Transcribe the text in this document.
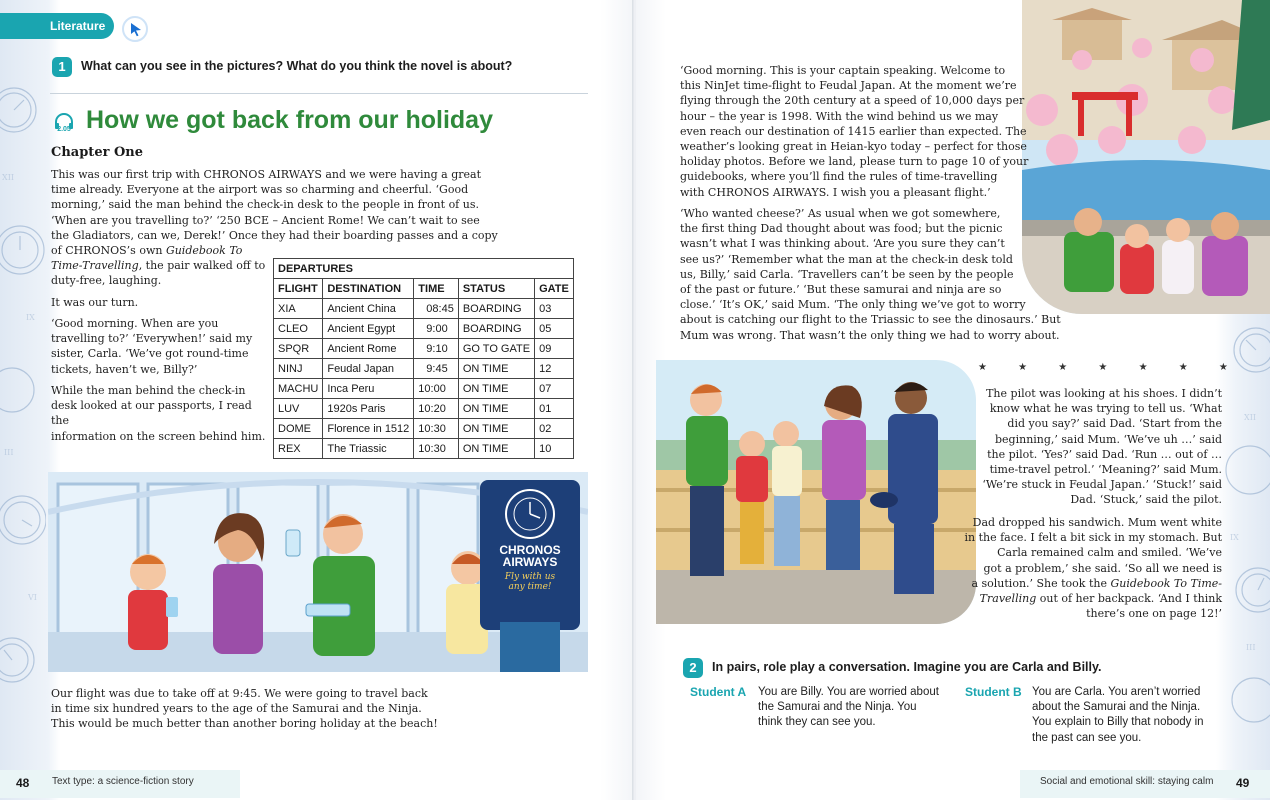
XII
IX
III
VI
Literature
1	What can you see in the pictures? What do you think the novel is about?
2.05 How we got back from our holiday
Chapter One
This was our first trip with CHRONOS AIRWAYS and we were having a great
time already. Everyone at the airport was so charming and cheerful. ‘Good
morning,’ said the man behind the check-in desk to the people in front of us.
‘When are you travelling to?’ ‘250 BCE – Ancient Rome! We can’t wait to see
the Gladiators, can we, Derek!’ Once they had their boarding passes and a copy
of CHRONOS’s own Guidebook To
Time-Travelling, the pair walked off to
duty-free, laughing.
It was our turn.
‘Good morning. When are you
travelling to?’ ‘Everywhen!’ said my
sister, Carla. ‘We’ve got round-time
tickets, haven’t we, Billy?’
While the man behind the check-in
desk looked at our passports, I read the
information on the screen behind him.
DEPARTURES				
FLIGHT	DESTINATION	TIME	STATUS	GATE
XIA	Ancient China	08:45	BOARDING	03
CLEO	Ancient Egypt	9:00	BOARDING	05
SPQR	Ancient Rome	9:10	GO TO GATE	09
NINJ	Feudal Japan	9:45	ON TIME	12
MACHU	Inca Peru	10:00	ON TIME	07
LUV	1920s Paris	10:20	ON TIME	01
DOME	Florence in 1512	10:30	ON TIME	02
REX	The Triassic	10:30	ON TIME	10
CHRONOS
AIRWAYS
Fly with us
any time!
Our flight was due to take off at 9:45. We were going to travel back
in time six hundred years to the age of the Samurai and the Ninja.
This would be much better than another boring holiday at the beach!
48 Text type: a science-fiction story
XII
IX
III
‘Good morning. This is your captain speaking. Welcome to
this NinJet time-flight to Feudal Japan. At the moment we’re
flying through the 20th century at a speed of 10,000 days per
hour – the year is 1998. With the wind behind us we may
even reach our destination of 1415 earlier than expected. The
weather’s looking great in Heian-kyo today – perfect for those
holiday photos. Before we land, please turn to page 10 of your
guidebooks, where you’ll find the rules of time-travelling
with CHRONOS AIRWAYS. I wish you a pleasant flight.’
‘Who wanted cheese?’ As usual when we got somewhere,
the first thing Dad thought about was food; but the picnic
wasn’t what I was thinking about. ‘Are you sure they can’t
see us?’ ‘Remember what the man at the check-in desk told
us, Billy,’ said Carla. ‘Travellers can’t be seen by the people
of the past or future.’ ‘But these samurai and ninja are so
close.’ ‘It’s OK,’ said Mum. ‘The only thing we’ve got to worry
about is catching our flight to the Triassic to see the dinosaurs.’ But
Mum was wrong. That wasn’t the only thing we had to worry about.
★ ★ ★ ★ ★ ★ ★
The pilot was looking at his shoes. I didn’t
know what he was trying to tell us. ‘What
did you say?’ said Dad. ‘Start from the
beginning,’ said Mum. ‘We’ve uh …’ said
the pilot. ‘Yes?’ said Dad. ‘Run … out of …
time-travel petrol.’ ‘Meaning?’ said Mum.
‘We’re stuck in Feudal Japan.’ ‘Stuck!’ said
Dad. ‘Stuck,’ said the pilot.
Dad dropped his sandwich. Mum went white
in the face. I felt a bit sick in my stomach. But
Carla remained calm and smiled. ‘We’ve
got a problem,’ she said. ‘So all we need is
a solution.’ She took the Guidebook To Time-
Travelling out of her backpack. ‘And I think
there’s one on page 12!’
2	In pairs, role play a conversation. Imagine you are Carla and Billy.
Student A You are Billy. You are worried about
the Samurai and the Ninja. You
think they can see you.
Student B You are Carla. You aren’t worried
about the Samurai and the Ninja.
You explain to Billy that nobody in
the past can see you.
Social and emotional skill: staying calm 49
